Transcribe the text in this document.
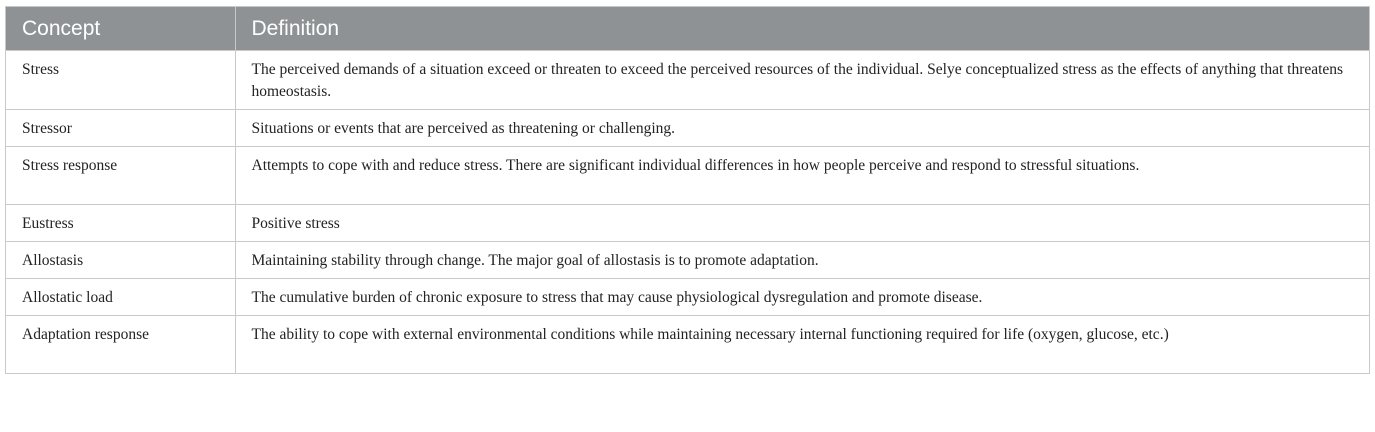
Concept	Definition
Stress	The perceived demands of a situation exceed or threaten to exceed the perceived resources of the individual. Selye conceptualized stress as the effects of anything that threatens homeostasis.
Stressor	Situations or events that are perceived as threatening or challenging.
Stress response	Attempts to cope with and reduce stress. There are significant individual differences in how people perceive and respond to stressful situations.
Eustress	Positive stress
Allostasis	Maintaining stability through change. The major goal of allostasis is to promote adaptation.
Allostatic load	The cumulative burden of chronic exposure to stress that may cause physiological dysregulation and promote disease.
Adaptation response	The ability to cope with external environmental conditions while maintaining necessary internal functioning required for life (oxygen, glucose, etc.)
